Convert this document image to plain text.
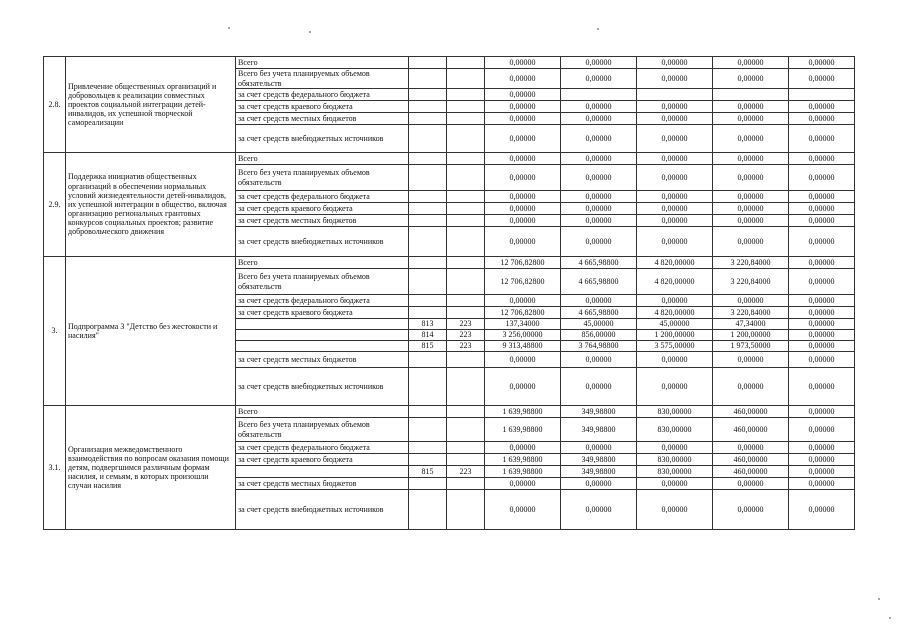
2.8.	Привлечение общественных организаций и добровольцев к реализации совместных проектов социальной интеграции детей-инвалидов, их успешной творческой самореализации	Всего			0,00000	0,00000	0,00000	0,00000	0,00000
		Всего без учета планируемых объемов обязательств			0,00000	0,00000	0,00000	0,00000	0,00000
		за счет средств федерального бюджета			0,00000				
		за счет средств краевого бюджета			0,00000	0,00000	0,00000	0,00000	0,00000
		за счет средств местных бюджетов			0,00000	0,00000	0,00000	0,00000	0,00000
		за счет средств внебюджетных источников			0,00000	0,00000	0,00000	0,00000	0,00000
2.9.	Поддержка инициатив общественных организаций в обеспечении нормальных условий жизнедеятельности детей-инвалидов, их успешной интеграции в общество, включая организацию региональных грантовых конкурсов социальных проектов; развитие добровольческого движения	Всего			0,00000	0,00000	0,00000	0,00000	0,00000
		Всего без учета планируемых объемов обязательств			0,00000	0,00000	0,00000	0,00000	0,00000
		за счет средств федерального бюджета			0,00000	0,00000	0,00000	0,00000	0,00000
		за счет средств краевого бюджета			0,00000	0,00000	0,00000	0,00000	0,00000
		за счет средств местных бюджетов			0,00000	0,00000	0,00000	0,00000	0,00000
		за счет средств внебюджетных источников			0,00000	0,00000	0,00000	0,00000	0,00000
3.	Подпрограмма 3 "Детство без жестокости и насилия"	Всего			12 706,82800	4 665,98800	4 820,00000	3 220,84000	0,00000
		Всего без учета планируемых объемов обязательств			12 706,82800	4 665,98800	4 820,00000	3 220,84000	0,00000
		за счет средств федерального бюджета			0,00000	0,00000	0,00000	0,00000	0,00000
		за счет средств краевого бюджета			12 706,82800	4 665,98800	4 820,00000	3 220,84000	0,00000
			813	223	137,34000	45,00000	45,00000	47,34000	0,00000
			814	223	3 256,00000	856,00000	1 200,00000	1 200,00000	0,00000
			815	223	9 313,48800	3 764,98800	3 575,00000	1 973,50000	0,00000
		за счет средств местных бюджетов			0,00000	0,00000	0,00000	0,00000	0,00000
		за счет средств внебюджетных источников			0,00000	0,00000	0,00000	0,00000	0,00000
3.1.	Организация межведомственного взаимодействия по вопросам оказания помощи детям, подвергшимся различным формам насилия, и семьям, в которых произошли случаи насилия	Всего			1 639,98800	349,98800	830,00000	460,00000	0,00000
		Всего без учета планируемых объемов обязательств			1 639,98800	349,98800	830,00000	460,00000	0,00000
		за счет средств федерального бюджета			0,00000	0,00000	0,00000	0,00000	0,00000
		за счет средств краевого бюджета			1 639,98800	349,98800	830,00000	460,00000	0,00000
			815	223	1 639,98800	349,98800	830,00000	460,00000	0,00000
		за счет средств местных бюджетов			0,00000	0,00000	0,00000	0,00000	0,00000
		за счет средств внебюджетных источников			0,00000	0,00000	0,00000	0,00000	0,00000
